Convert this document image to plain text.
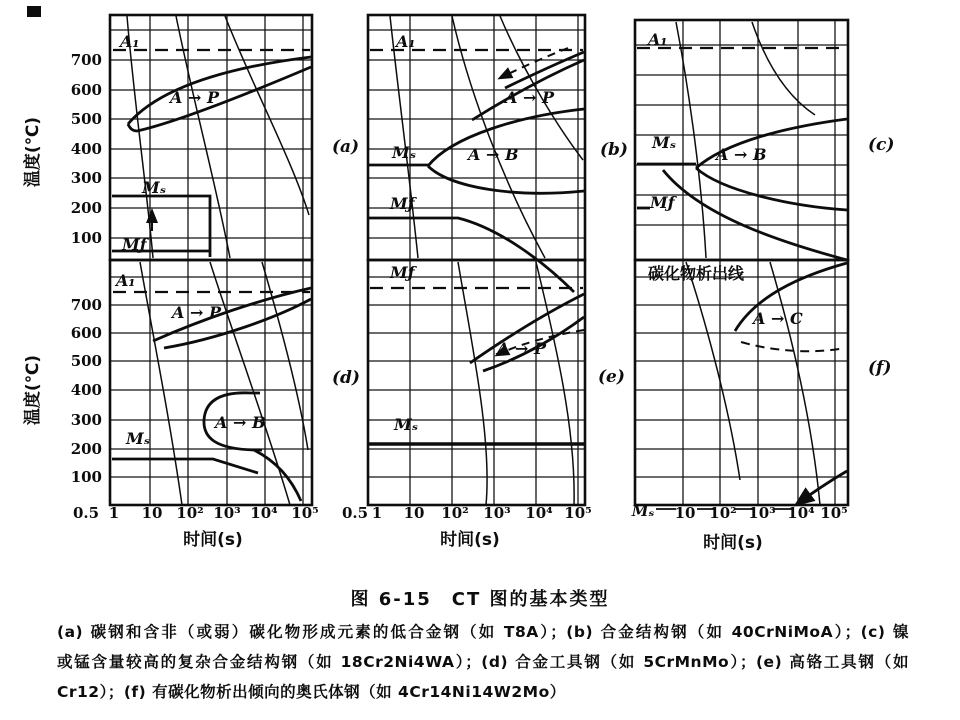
700
600
500
400
300
200
100
700
600
500
400
300
200
100
温度(℃)
温度(℃)
0.5 1 10 10² 10³ 10⁴ 10⁵ 0.5 1 10 10² 10³ 10⁴ 10⁵	Mₛ 10 10² 10³ 10⁴ 10⁵
时间(s)	时间(s)	时间(s)
A₁
A → P
Mₛ
Mƒ
(a)
A₁
A → P
Mₛ	A → B
Mƒ
(b)
A₁
Mₛ
A → B
Mƒ
(c)
A₁
A → P
A → B
Mₛ
(d)
Mƒ
A → P
Mₛ
(e)
碳化物析出线
A → C
(f)
图 6-15　CT 图的基本类型
(a) 碳钢和含非（或弱）碳化物形成元素的低合金钢（如 T8A）；(b) 合金结构钢（如 40CrNiMoA）；(c) 镍
或锰含量较高的复杂合金结构钢（如 18Cr2Ni4WA）；(d) 合金工具钢（如 5CrMnMo）；(e) 高铬工具钢（如
Cr12）；(f) 有碳化物析出倾向的奥氏体钢（如 4Cr14Ni14W2Mo）
